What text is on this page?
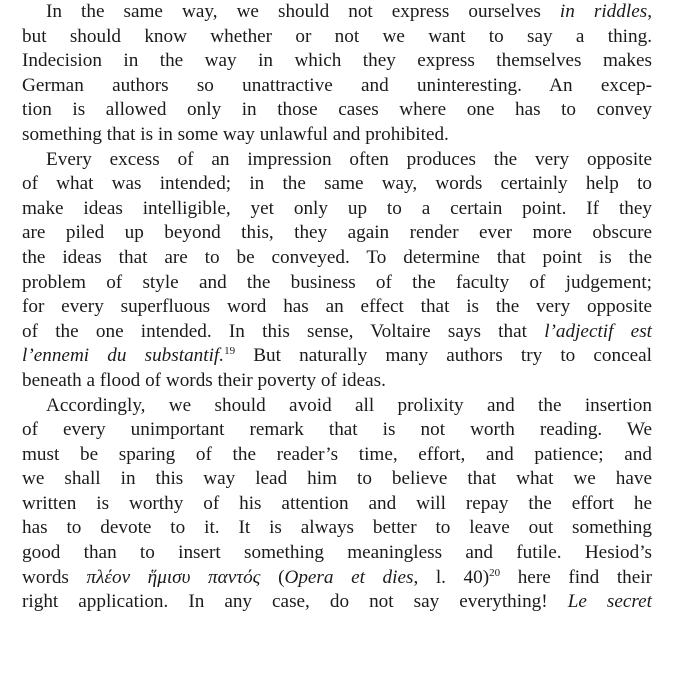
In the same way, we should not express ourselves in riddles,
but should know whether or not we want to say a thing.
Indecision in the way in which they express themselves makes
German authors so unattractive and uninteresting. An excep-
tion is allowed only in those cases where one has to convey
something that is in some way unlawful and prohibited.
Every excess of an impression often produces the very opposite
of what was intended; in the same way, words certainly help to
make ideas intelligible, yet only up to a certain point. If they
are piled up beyond this, they again render ever more obscure
the ideas that are to be conveyed. To determine that point is the
problem of style and the business of the faculty of judgement;
for every superfluous word has an effect that is the very opposite
of the one intended. In this sense, Voltaire says that l’adjectif est
l’ennemi du substantif.$^{19}$ But naturally many authors try to conceal
beneath a flood of words their poverty of ideas.
Accordingly, we should avoid all prolixity and the insertion
of every unimportant remark that is not worth reading. We
must be sparing of the reader’s time, effort, and patience; and
we shall in this way lead him to believe that what we have
written is worthy of his attention and will repay the effort he
has to devote to it. It is always better to leave out something
good than to insert something meaningless and futile. Hesiod’s
words πλέον ἥμισυ παντός (Opera et dies, l. 40)$^{20}$ here find their
right application. In any case, do not say everything! Le secret
